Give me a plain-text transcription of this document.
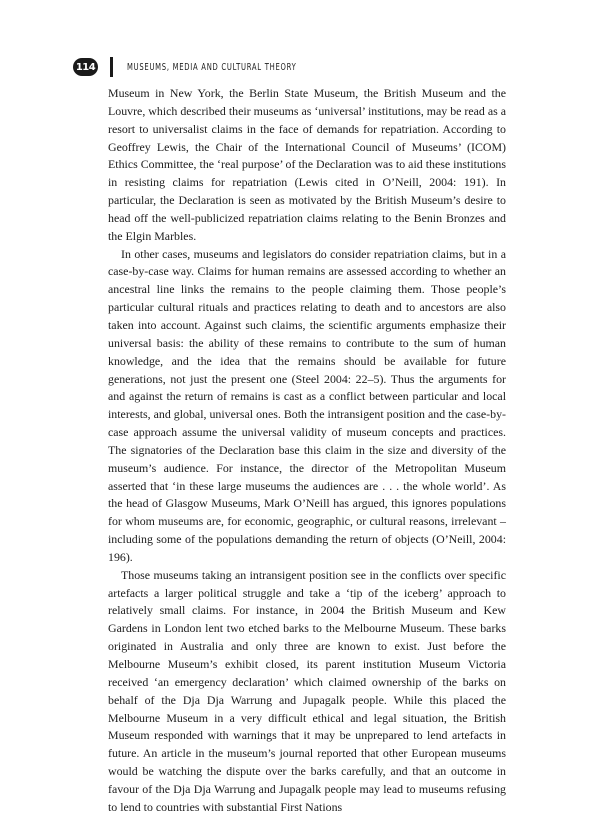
114	MUSEUMS, MEDIA AND CULTURAL THEORY

Museum in New York, the Berlin State Museum, the British Museum and the Louvre, which described their museums as ‘universal’ institutions, may be read as a resort to universalist claims in the face of demands for repatriation. According to Geoffrey Lewis, the Chair of the International Council of Museums’ (ICOM) Ethics Committee, the ‘real purpose’ of the Declaration was to aid these institutions in resisting claims for repatriation (Lewis cited in O’Neill, 2004: 191). In particular, the Declaration is seen as motivated by the British Museum’s desire to head off the well-publicized repatriation claims relating to the Benin Bronzes and the Elgin Marbles.

In other cases, museums and legislators do consider repatriation claims, but in a case-by-case way. Claims for human remains are assessed according to whether an ancestral line links the remains to the people claiming them. Those people’s particular cultural rituals and practices relating to death and to ancestors are also taken into account. Against such claims, the scientific arguments emphasize their universal basis: the ability of these remains to contribute to the sum of human knowledge, and the idea that the remains should be available for future generations, not just the present one (Steel 2004: 22–5). Thus the arguments for and against the return of remains is cast as a conflict between particular and local interests, and global, universal ones. Both the intransigent position and the case-by-case approach assume the universal validity of museum concepts and practices. The signatories of the Declaration base this claim in the size and diversity of the museum’s audience. For instance, the director of the Metropolitan Museum asserted that ‘in these large museums the audiences are . . . the whole world’. As the head of Glasgow Museums, Mark O’Neill has argued, this ignores populations for whom museums are, for economic, geographic, or cultural reasons, irrelevant – including some of the populations demanding the return of objects (O’Neill, 2004: 196).

Those museums taking an intransigent position see in the conflicts over specific artefacts a larger political struggle and take a ‘tip of the iceberg’ approach to relatively small claims. For instance, in 2004 the British Museum and Kew Gardens in London lent two etched barks to the Melbourne Museum. These barks originated in Australia and only three are known to exist. Just before the Melbourne Museum’s exhibit closed, its parent institution Museum Victoria received ‘an emergency declaration’ which claimed ownership of the barks on behalf of the Dja Dja Warrung and Jupagalk people. While this placed the Melbourne Museum in a very difficult ethical and legal situation, the British Museum responded with warnings that it may be unprepared to lend artefacts in future. An article in the museum’s journal reported that other European museums would be watching the dispute over the barks carefully, and that an outcome in favour of the Dja Dja Warrung and Jupagalk people may lead to museums refusing to lend to countries with substantial First Nations
